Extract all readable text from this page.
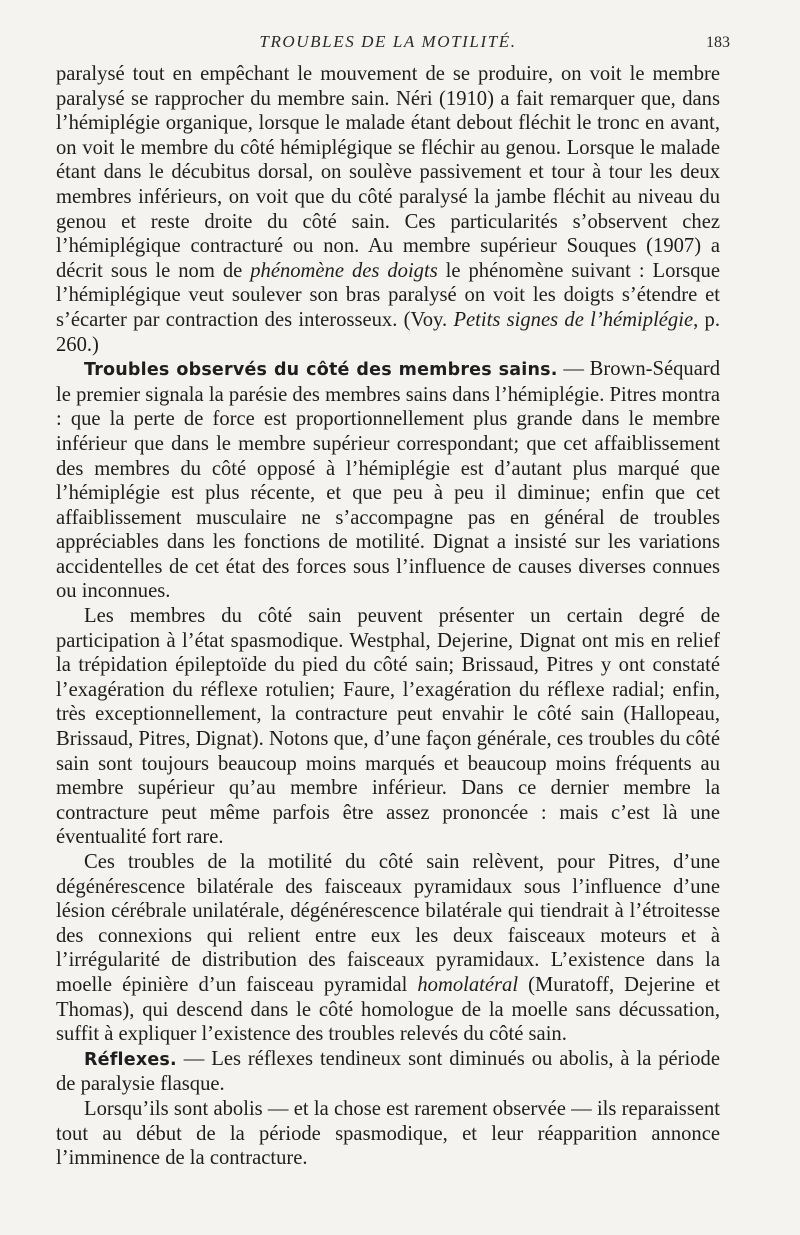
TROUBLES DE LA MOTILITÉ.	183

paralysé tout en empêchant le mouvement de se produire, on voit le membre paralysé se rapprocher du membre sain. Néri (1910) a fait remarquer que, dans l’hémiplégie organique, lorsque le malade étant debout fléchit le tronc en avant, on voit le membre du côté hémiplégique se fléchir au genou. Lorsque le malade étant dans le décubitus dorsal, on soulève passivement et tour à tour les deux membres inférieurs, on voit que du côté paralysé la jambe fléchit au niveau du genou et reste droite du côté sain. Ces particularités s’observent chez l’hémiplégique contracturé ou non. Au membre supérieur Souques (1907) a décrit sous le nom de phénomène des doigts le phénomène suivant : Lorsque l’hémiplégique veut soulever son bras paralysé on voit les doigts s’étendre et s’écarter par contraction des interosseux. (Voy. Petits signes de l’hémiplégie, p. 260.)

Troubles observés du côté des membres sains. — Brown-Séquard le premier signala la parésie des membres sains dans l’hémiplégie. Pitres montra : que la perte de force est proportionnellement plus grande dans le membre inférieur que dans le membre supérieur correspondant; que cet affaiblissement des membres du côté opposé à l’hémiplégie est d’autant plus marqué que l’hémiplégie est plus récente, et que peu à peu il diminue; enfin que cet affaiblissement musculaire ne s’accompagne pas en général de troubles appréciables dans les fonctions de motilité. Dignat a insisté sur les variations accidentelles de cet état des forces sous l’influence de causes diverses connues ou inconnues.

Les membres du côté sain peuvent présenter un certain degré de participation à l’état spasmodique. Westphal, Dejerine, Dignat ont mis en relief la trépidation épileptoïde du pied du côté sain; Brissaud, Pitres y ont constaté l’exagération du réflexe rotulien; Faure, l’exagération du réflexe radial; enfin, très exceptionnellement, la contracture peut envahir le côté sain (Hallopeau, Brissaud, Pitres, Dignat). Notons que, d’une façon générale, ces troubles du côté sain sont toujours beaucoup moins marqués et beaucoup moins fréquents au membre supérieur qu’au membre inférieur. Dans ce dernier membre la contracture peut même parfois être assez prononcée : mais c’est là une éventualité fort rare.

Ces troubles de la motilité du côté sain relèvent, pour Pitres, d’une dégénérescence bilatérale des faisceaux pyramidaux sous l’influence d’une lésion cérébrale unilatérale, dégénérescence bilatérale qui tiendrait à l’étroitesse des connexions qui relient entre eux les deux faisceaux moteurs et à l’irrégularité de distribution des faisceaux pyramidaux. L’existence dans la moelle épinière d’un faisceau pyramidal homolatéral (Muratoff, Dejerine et Thomas), qui descend dans le côté homologue de la moelle sans décussation, suffit à expliquer l’existence des troubles relevés du côté sain.

Réflexes. — Les réflexes tendineux sont diminués ou abolis, à la période de paralysie flasque.

Lorsqu’ils sont abolis — et la chose est rarement observée — ils reparaissent tout au début de la période spasmodique, et leur réapparition annonce l’imminence de la contracture.
